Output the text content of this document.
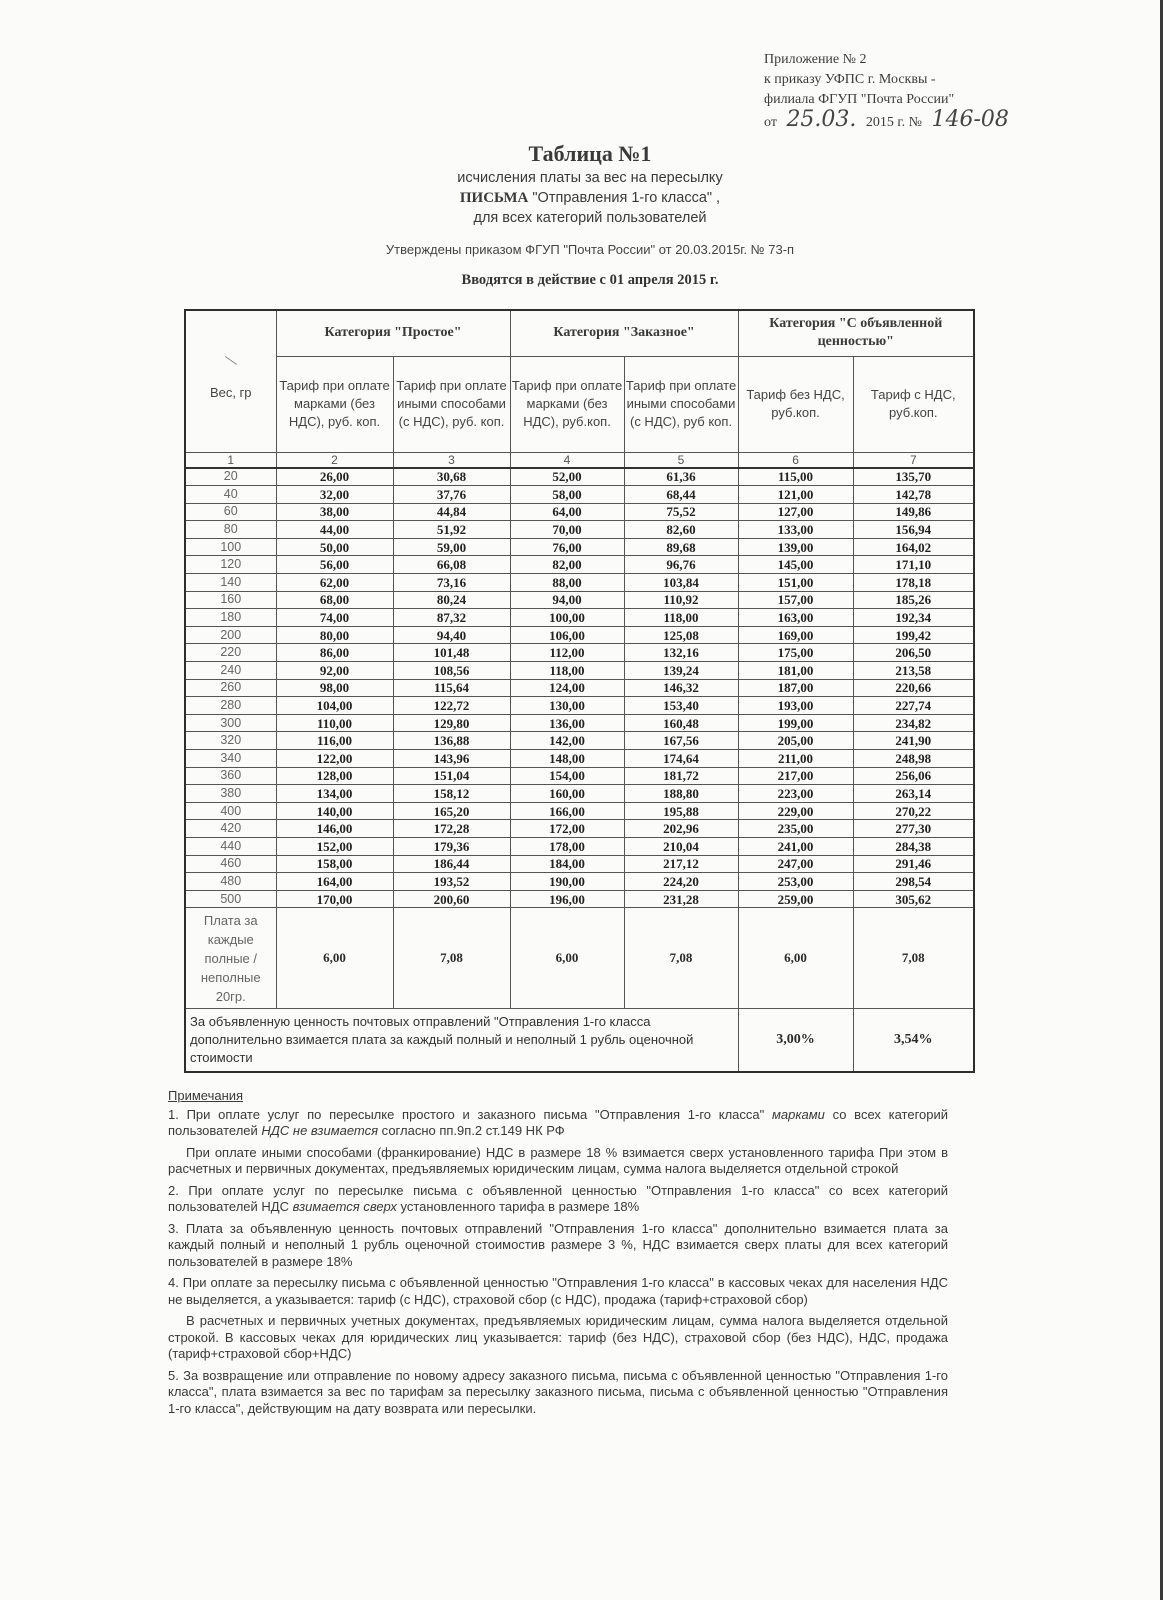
Приложение № 2
к приказу УФПС г. Москвы -
филиала ФГУП "Почта России"
от 25.03. 2015 г. № 146-08
Таблица №1
исчисления платы за вес на пересылку
ПИСЬМА "Отправления 1-го класса" ,
для всех категорий пользователей
Утверждены приказом ФГУП "Почта России" от 20.03.2015г. № 73-п
Вводятся в действие с 01 апреля 2015 г.

Вес, гр	Категория "Простое"		Категория "Заказное"		Категория "С объявленной ценностью"	
	Тариф при оплате марками (без НДС), руб. коп.	Тариф при оплате иными способами (с НДС), руб. коп.	Тариф при оплате марками (без НДС), руб.коп.	Тариф при оплате иными способами (с НДС), руб коп.	Тариф без НДС, руб.коп.	Тариф с НДС, руб.коп.
1	2	3	4	5	6	7
20	26,00	30,68	52,00	61,36	115,00	135,70
40	32,00	37,76	58,00	68,44	121,00	142,78
60	38,00	44,84	64,00	75,52	127,00	149,86
80	44,00	51,92	70,00	82,60	133,00	156,94
100	50,00	59,00	76,00	89,68	139,00	164,02
120	56,00	66,08	82,00	96,76	145,00	171,10
140	62,00	73,16	88,00	103,84	151,00	178,18
160	68,00	80,24	94,00	110,92	157,00	185,26
180	74,00	87,32	100,00	118,00	163,00	192,34
200	80,00	94,40	106,00	125,08	169,00	199,42
220	86,00	101,48	112,00	132,16	175,00	206,50
240	92,00	108,56	118,00	139,24	181,00	213,58
260	98,00	115,64	124,00	146,32	187,00	220,66
280	104,00	122,72	130,00	153,40	193,00	227,74
300	110,00	129,80	136,00	160,48	199,00	234,82
320	116,00	136,88	142,00	167,56	205,00	241,90
340	122,00	143,96	148,00	174,64	211,00	248,98
360	128,00	151,04	154,00	181,72	217,00	256,06
380	134,00	158,12	160,00	188,80	223,00	263,14
400	140,00	165,20	166,00	195,88	229,00	270,22
420	146,00	172,28	172,00	202,96	235,00	277,30
440	152,00	179,36	178,00	210,04	241,00	284,38
460	158,00	186,44	184,00	217,12	247,00	291,46
480	164,00	193,52	190,00	224,20	253,00	298,54
500	170,00	200,60	196,00	231,28	259,00	305,62
Плата за каждые полные /неполные 20гр.	6,00	7,08	6,00	7,08	6,00	7,08
За объявленную ценность почтовых отправлений "Отправления 1-го класса дополнительно взимается плата за каждый полный и неполный 1 рубль оценочной стоимости					3,00%	3,54%
Примечания

1. При оплате услуг по пересылке простого и заказного письма "Отправления 1-го класса" марками со всех категорий пользователей НДС не взимается согласно пп.9п.2 ст.149 НК РФ

При оплате иными способами (франкирование) НДС в размере 18 % взимается сверх установленного тарифа При этом в расчетных и первичных документах, предъявляемых юридическим лицам, сумма налога выделяется отдельной строкой

2. При оплате услуг по пересылке письма с объявленной ценностью "Отправления 1-го класса" со всех категорий пользователей НДС взимается сверх установленного тарифа в размере 18%

3. Плата за объявленную ценность почтовых отправлений "Отправления 1-го класса" дополнительно взимается плата за каждый полный и неполный 1 рубль оценочной стоимостив размере 3 %, НДС взимается сверх платы для всех категорий пользователей в размере 18%

4. При оплате за пересылку письма с объявленной ценностью "Отправления 1-го класса" в кассовых чеках для населения НДС не выделяется, а указывается: тариф (с НДС), страховой сбор (с НДС), продажа (тариф+страховой сбор)

В расчетных и первичных учетных документах, предъявляемых юридическим лицам, сумма налога выделяется отдельной строкой. В кассовых чеках для юридических лиц указывается: тариф (без НДС), страховой сбор (без НДС), НДС, продажа (тариф+страховой сбор+НДС)

5. За возвращение или отправление по новому адресу заказного письма, письма с объявленной ценностью "Отправления 1-го класса", плата взимается за вес по тарифам за пересылку заказного письма, письма с объявленной ценностью "Отправления 1-го класса", действующим на дату возврата или пересылки.
